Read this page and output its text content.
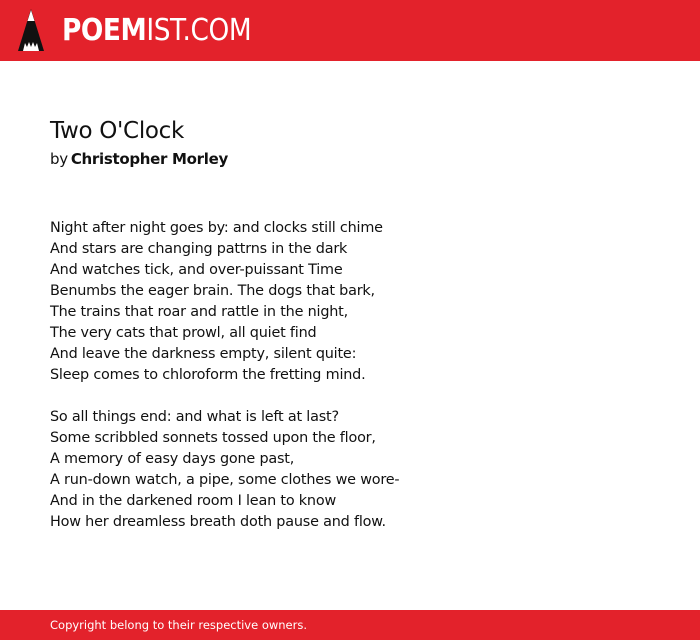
POEMIST.COM
Two O'Clock
by Christopher Morley
Night after night goes by: and clocks still chime
And stars are changing pattrns in the dark
And watches tick, and over-puissant Time
Benumbs the eager brain. The dogs that bark,
The trains that roar and rattle in the night,
The very cats that prowl, all quiet find
And leave the darkness empty, silent quite:
Sleep comes to chloroform the fretting mind.
So all things end: and what is left at last?
Some scribbled sonnets tossed upon the floor,
A memory of easy days gone past,
A run-down watch, a pipe, some clothes we wore-
And in the darkened room I lean to know
How her dreamless breath doth pause and flow.
Copyright belong to their respective owners.
